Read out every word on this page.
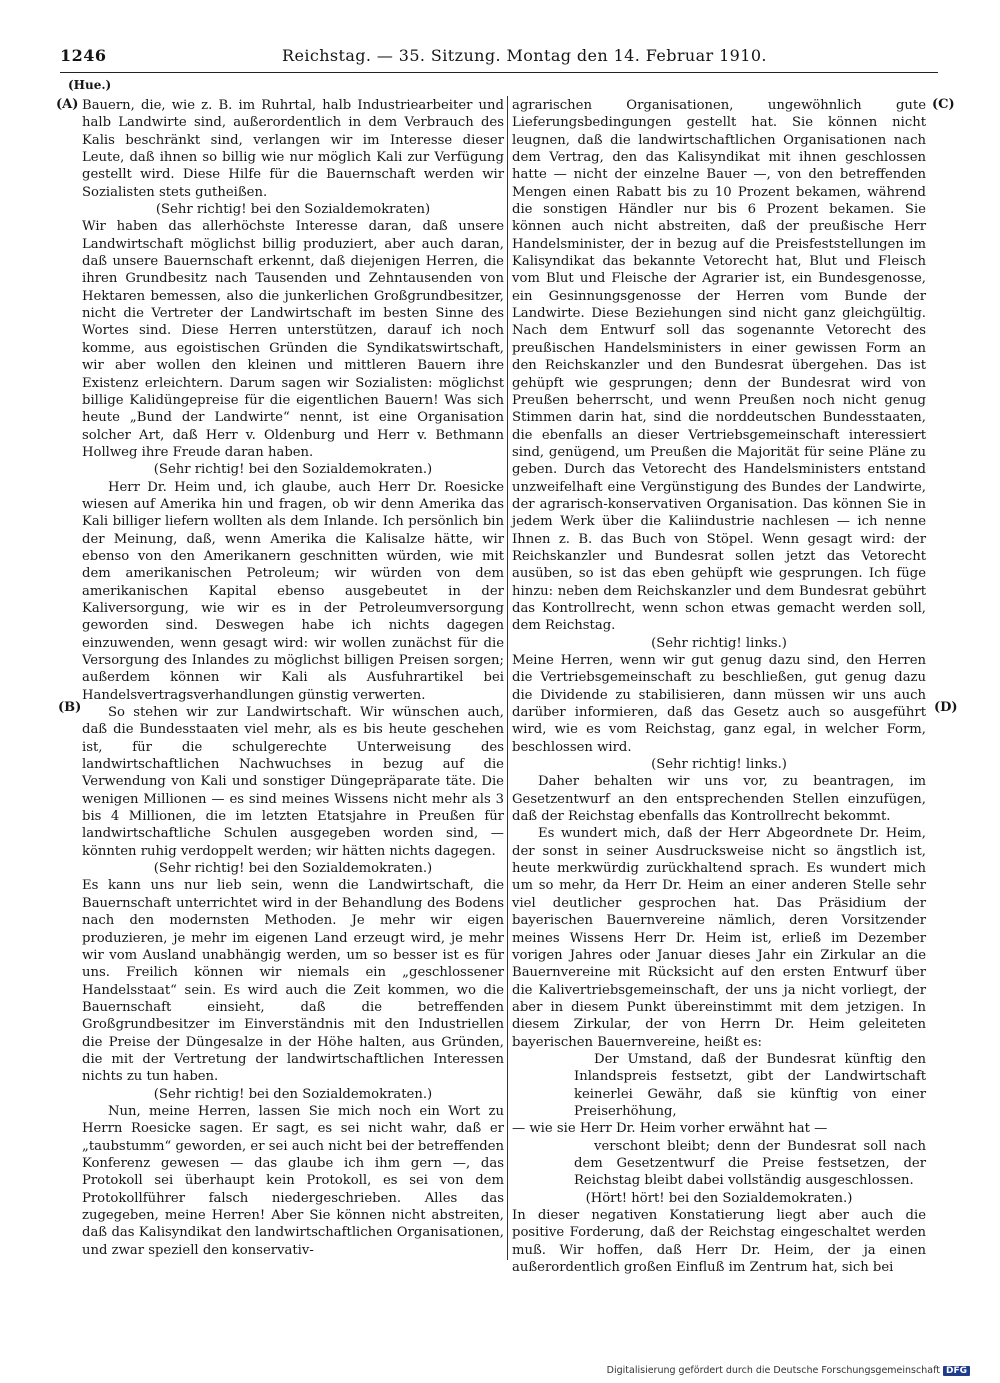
1246	Reichstag. — 35. Sitzung. Montag den 14. Februar 1910.
(Hue.)
(A)
(B)
(C)
(D)

Bauern, die, wie z. B. im Ruhrtal, halb Industriearbeiter und halb Landwirte sind, außerordentlich in dem Verbrauch des Kalis beschränkt sind, verlangen wir im Interesse dieser Leute, daß ihnen so billig wie nur möglich Kali zur Verfügung gestellt wird. Diese Hilfe für die Bauernschaft werden wir Sozialisten stets gutheißen.

(Sehr richtig! bei den Sozialdemokraten)

Wir haben das allerhöchste Interesse daran, daß unsere Landwirtschaft möglichst billig produziert, aber auch daran, daß unsere Bauernschaft erkennt, daß diejenigen Herren, die ihren Grundbesitz nach Tausenden und Zehntausenden von Hektaren bemessen, also die junkerlichen Großgrundbesitzer, nicht die Vertreter der Landwirtschaft im besten Sinne des Wortes sind. Diese Herren unterstützen, darauf ich noch komme, aus egoistischen Gründen die Syndikatswirtschaft, wir aber wollen den kleinen und mittleren Bauern ihre Existenz erleichtern. Darum sagen wir Sozialisten: möglichst billige Kalidüngepreise für die eigentlichen Bauern! Was sich heute „Bund der Landwirte“ nennt, ist eine Organisation solcher Art, daß Herr v. Oldenburg und Herr v. Bethmann Hollweg ihre Freude daran haben.

(Sehr richtig! bei den Sozialdemokraten.)

Herr Dr. Heim und, ich glaube, auch Herr Dr. Roesicke wiesen auf Amerika hin und fragen, ob wir denn Amerika das Kali billiger liefern wollten als dem Inlande. Ich persönlich bin der Meinung, daß, wenn Amerika die Kalisalze hätte, wir ebenso von den Amerikanern geschnitten würden, wie mit dem amerikanischen Petroleum; wir würden von dem amerikanischen Kapital ebenso ausgebeutet in der Kaliversorgung, wie wir es in der Petroleumversorgung geworden sind. Deswegen habe ich nichts dagegen einzuwenden, wenn gesagt wird: wir wollen zunächst für die Versorgung des Inlandes zu möglichst billigen Preisen sorgen; außerdem können wir Kali als Ausfuhrartikel bei Handelsvertragsverhandlungen günstig verwerten.

So stehen wir zur Landwirtschaft. Wir wünschen auch, daß die Bundesstaaten viel mehr, als es bis heute geschehen ist, für die schulgerechte Unterweisung des landwirtschaftlichen Nachwuchses in bezug auf die Verwendung von Kali und sonstiger Düngepräparate täte. Die wenigen Millionen — es sind meines Wissens nicht mehr als 3 bis 4 Millionen, die im letzten Etatsjahre in Preußen für landwirtschaftliche Schulen ausgegeben worden sind, — könnten ruhig verdoppelt werden; wir hätten nichts dagegen.

(Sehr richtig! bei den Sozialdemokraten.)

Es kann uns nur lieb sein, wenn die Landwirtschaft, die Bauernschaft unterrichtet wird in der Behandlung des Bodens nach den modernsten Methoden. Je mehr wir eigen produzieren, je mehr im eigenen Land erzeugt wird, je mehr wir vom Ausland unabhängig werden, um so besser ist es für uns. Freilich können wir niemals ein „geschlossener Handelsstaat“ sein. Es wird auch die Zeit kommen, wo die Bauernschaft einsieht, daß die betreffenden Großgrundbesitzer im Einverständnis mit den Industriellen die Preise der Düngesalze in der Höhe halten, aus Gründen, die mit der Vertretung der landwirtschaftlichen Interessen nichts zu tun haben.

(Sehr richtig! bei den Sozialdemokraten.)

Nun, meine Herren, lassen Sie mich noch ein Wort zu Herrn Roesicke sagen. Er sagt, es sei nicht wahr, daß er „taubstumm“ geworden, er sei auch nicht bei der betreffenden Konferenz gewesen — das glaube ich ihm gern —, das Protokoll sei überhaupt kein Protokoll, es sei von dem Protokollführer falsch niedergeschrieben. Alles das zugegeben, meine Herren! Aber Sie können nicht abstreiten, daß das Kalisyndikat den landwirtschaftlichen Organisationen, und zwar speziell den konservativ-

agrarischen Organisationen, ungewöhnlich gute Lieferungsbedingungen gestellt hat. Sie können nicht leugnen, daß die landwirtschaftlichen Organisationen nach dem Vertrag, den das Kalisyndikat mit ihnen geschlossen hatte — nicht der einzelne Bauer —, von den betreffenden Mengen einen Rabatt bis zu 10 Prozent bekamen, während die sonstigen Händler nur bis 6 Prozent bekamen. Sie können auch nicht abstreiten, daß der preußische Herr Handelsminister, der in bezug auf die Preisfeststellungen im Kalisyndikat das bekannte Vetorecht hat, Blut und Fleisch vom Blut und Fleische der Agrarier ist, ein Bundesgenosse, ein Gesinnungsgenosse der Herren vom Bunde der Landwirte. Diese Beziehungen sind nicht ganz gleichgültig. Nach dem Entwurf soll das sogenannte Vetorecht des preußischen Handelsministers in einer gewissen Form an den Reichskanzler und den Bundesrat übergehen. Das ist gehüpft wie gesprungen; denn der Bundesrat wird von Preußen beherrscht, und wenn Preußen noch nicht genug Stimmen darin hat, sind die norddeutschen Bundesstaaten, die ebenfalls an dieser Vertriebsgemeinschaft interessiert sind, genügend, um Preußen die Majorität für seine Pläne zu geben. Durch das Vetorecht des Handelsministers entstand unzweifelhaft eine Vergünstigung des Bundes der Landwirte, der agrarisch-konservativen Organisation. Das können Sie in jedem Werk über die Kaliindustrie nachlesen — ich nenne Ihnen z. B. das Buch von Stöpel. Wenn gesagt wird: der Reichskanzler und Bundesrat sollen jetzt das Vetorecht ausüben, so ist das eben gehüpft wie gesprungen. Ich füge hinzu: neben dem Reichskanzler und dem Bundesrat gebührt das Kontrollrecht, wenn schon etwas gemacht werden soll, dem Reichstag.

(Sehr richtig! links.)

Meine Herren, wenn wir gut genug dazu sind, den Herren die Vertriebsgemeinschaft zu beschließen, gut genug dazu die Dividende zu stabilisieren, dann müssen wir uns auch darüber informieren, daß das Gesetz auch so ausgeführt wird, wie es vom Reichstag, ganz egal, in welcher Form, beschlossen wird.

(Sehr richtig! links.)

Daher behalten wir uns vor, zu beantragen, im Gesetzentwurf an den entsprechenden Stellen einzufügen, daß der Reichstag ebenfalls das Kontrollrecht bekommt.

Es wundert mich, daß der Herr Abgeordnete Dr. Heim, der sonst in seiner Ausdrucksweise nicht so ängstlich ist, heute merkwürdig zurückhaltend sprach. Es wundert mich um so mehr, da Herr Dr. Heim an einer anderen Stelle sehr viel deutlicher gesprochen hat. Das Präsidium der bayerischen Bauernvereine nämlich, deren Vorsitzender meines Wissens Herr Dr. Heim ist, erließ im Dezember vorigen Jahres oder Januar dieses Jahr ein Zirkular an die Bauernvereine mit Rücksicht auf den ersten Entwurf über die Kalivertriebsgemeinschaft, der uns ja nicht vorliegt, der aber in diesem Punkt übereinstimmt mit dem jetzigen. In diesem Zirkular, der von Herrn Dr. Heim geleiteten bayerischen Bauernvereine, heißt es:

Der Umstand, daß der Bundesrat künftig den Inlandspreis festsetzt, gibt der Landwirtschaft keinerlei Gewähr, daß sie künftig von einer Preiserhöhung,

— wie sie Herr Dr. Heim vorher erwähnt hat —

verschont bleibt; denn der Bundesrat soll nach dem Gesetzentwurf die Preise festsetzen, der Reichstag bleibt dabei vollständig ausgeschlossen.

(Hört! hört! bei den Sozialdemokraten.)

In dieser negativen Konstatierung liegt aber auch die positive Forderung, daß der Reichstag eingeschaltet werden muß. Wir hoffen, daß Herr Dr. Heim, der ja einen außerordentlich großen Einfluß im Zentrum hat, sich bei

Digitalisierung gefördert durch die Deutsche Forschungsgemeinschaft DFG
